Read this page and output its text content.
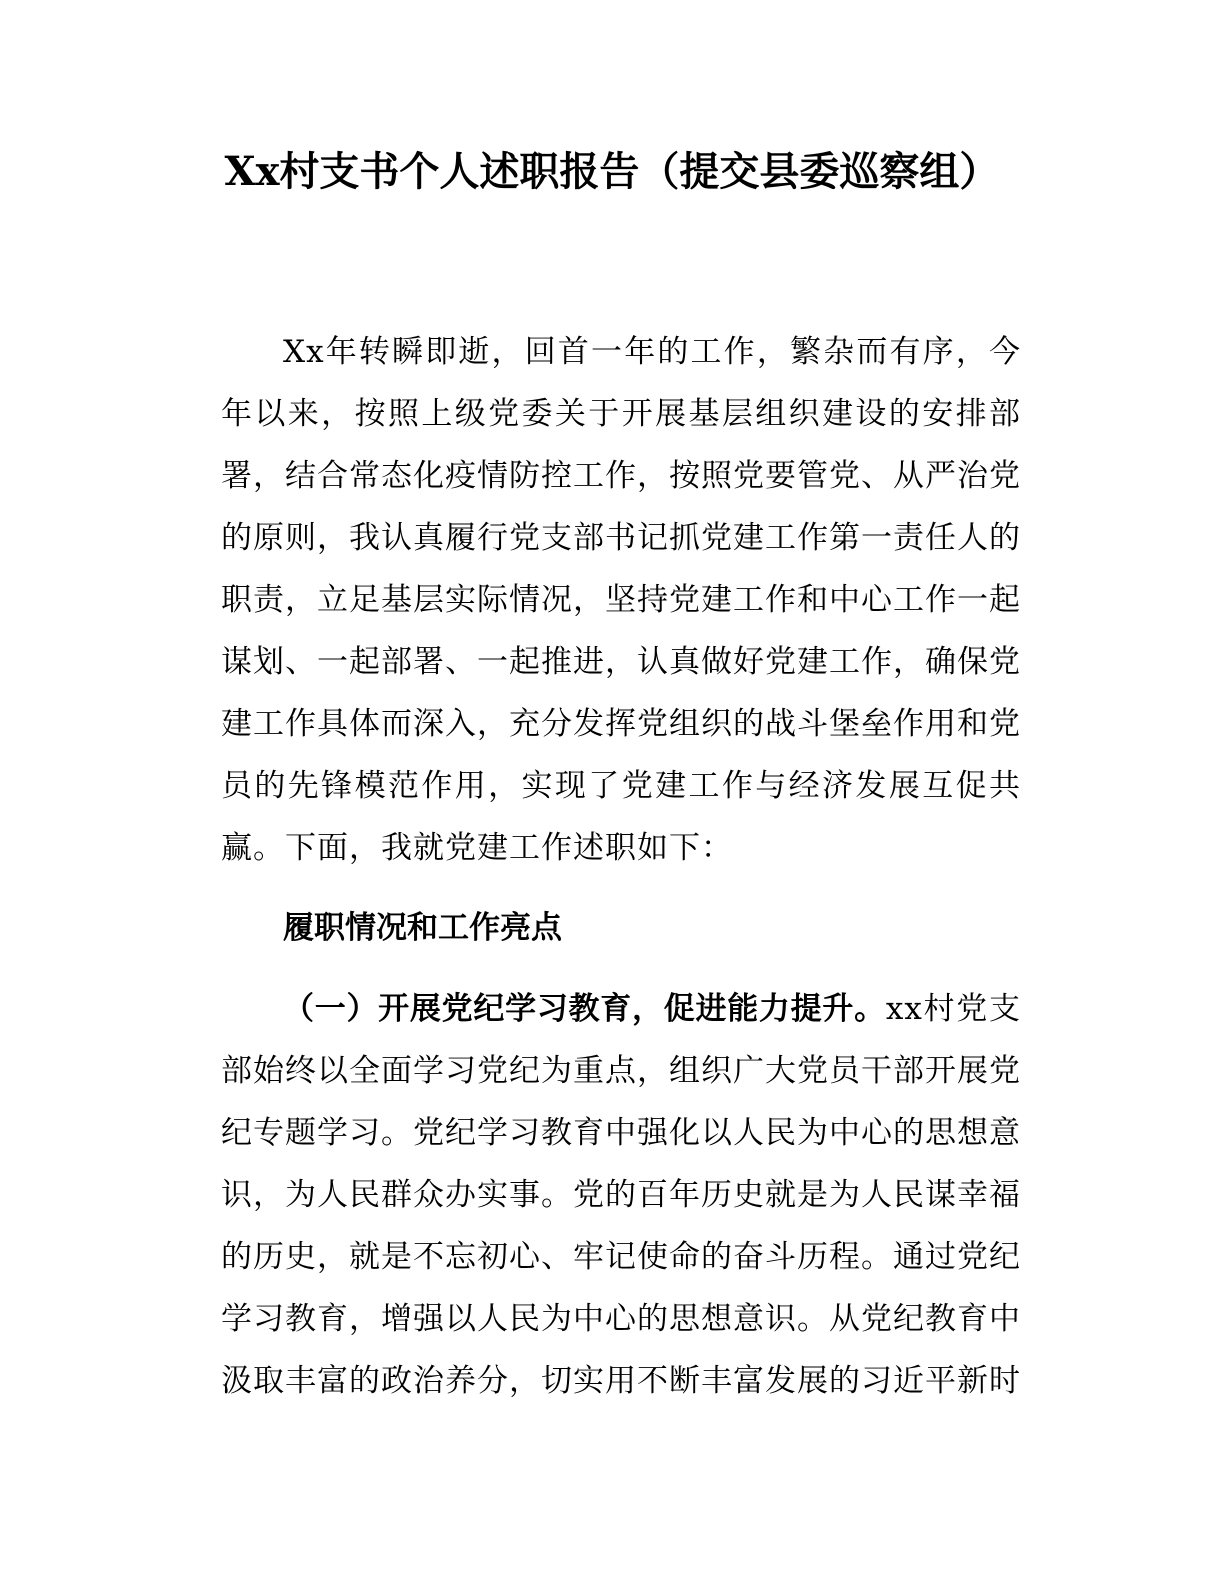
Xx村支书个人述职报告（提交县委巡察组）

Xx年转瞬即逝，回首一年的工作，繁杂而有序，今年以来，按照上级党委关于开展基层组织建设的安排部署，结合常态化疫情防控工作，按照党要管党、从严治党的原则，我认真履行党支部书记抓党建工作第一责任人的职责，立足基层实际情况，坚持党建工作和中心工作一起谋划、一起部署、一起推进，认真做好党建工作，确保党建工作具体而深入，充分发挥党组织的战斗堡垒作用和党员的先锋模范作用，实现了党建工作与经济发展互促共赢。下面，我就党建工作述职如下：

履职情况和工作亮点

（一）开展党纪学习教育，促进能力提升。xx村党支部始终以全面学习党纪为重点，组织广大党员干部开展党纪专题学习。党纪学习教育中强化以人民为中心的思想意识，为人民群众办实事。党的百年历史就是为人民谋幸福的历史，就是不忘初心、牢记使命的奋斗历程。通过党纪学习教育，增强以人民为中心的思想意识。从党纪教育中汲取丰富的政治养分，切实用不断丰富发展的习近平新时
